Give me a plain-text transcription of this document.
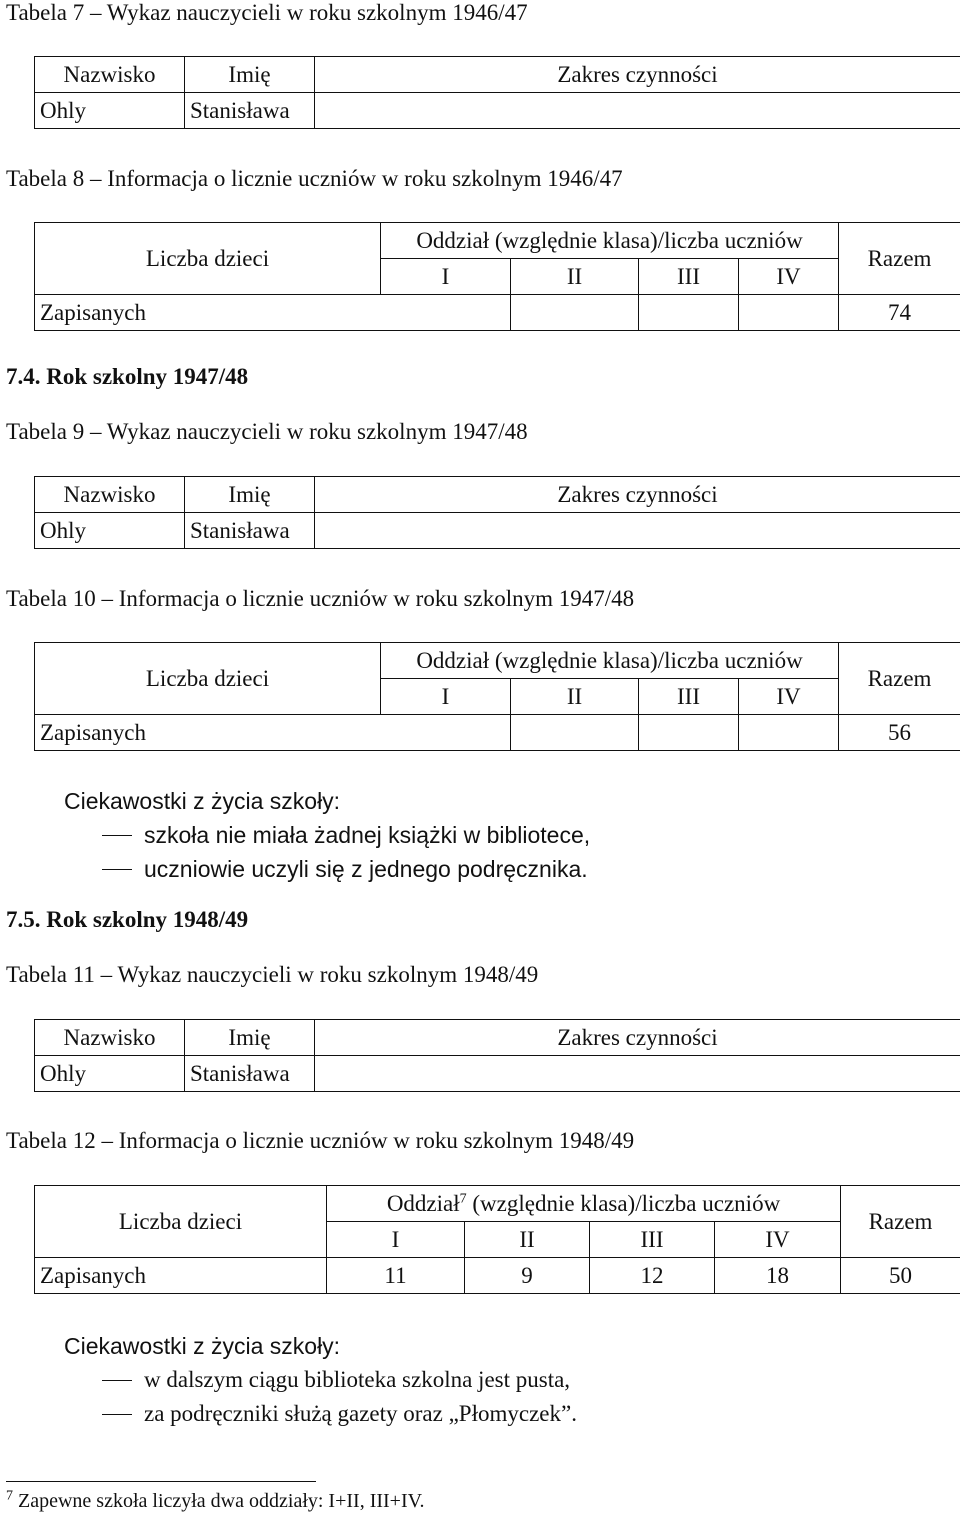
Tabela 7 – Wykaz nauczycieli w roku szkolnym 1946/47
Nazwisko	Imię	Zakres czynności
Ohly	Stanisława	
Tabela 8 – Informacja o licznie uczniów w roku szkolnym 1946/47
Liczba dzieci	Oddział (względnie klasa)/liczba uczniów				Razem
	I	II	III	IV	
Zapisanych					74
7.4. Rok szkolny 1947/48
Tabela 9 – Wykaz nauczycieli w roku szkolnym 1947/48
Nazwisko	Imię	Zakres czynności
Ohly	Stanisława	
Tabela 10 – Informacja o licznie uczniów w roku szkolnym 1947/48
Liczba dzieci	Oddział (względnie klasa)/liczba uczniów				Razem
	I	II	III	IV	
Zapisanych					56
Ciekawostki z życia szkoły:
szkoła nie miała żadnej książki w bibliotece,
uczniowie uczyli się z jednego podręcznika.
7.5. Rok szkolny 1948/49
Tabela 11 – Wykaz nauczycieli w roku szkolnym 1948/49
Nazwisko	Imię	Zakres czynności
Ohly	Stanisława	
Tabela 12 – Informacja o licznie uczniów w roku szkolnym 1948/49
Liczba dzieci	Oddział$^7$ (względnie klasa)/liczba uczniów				Razem
	I	II	III	IV	
Zapisanych	11	9	12	18	50
Ciekawostki z życia szkoły:
w dalszym ciągu biblioteka szkolna jest pusta,
za podręczniki służą gazety oraz „Płomyczek”.
$^7$ Zapewne szkoła liczyła dwa oddziały: I+II, III+IV.
